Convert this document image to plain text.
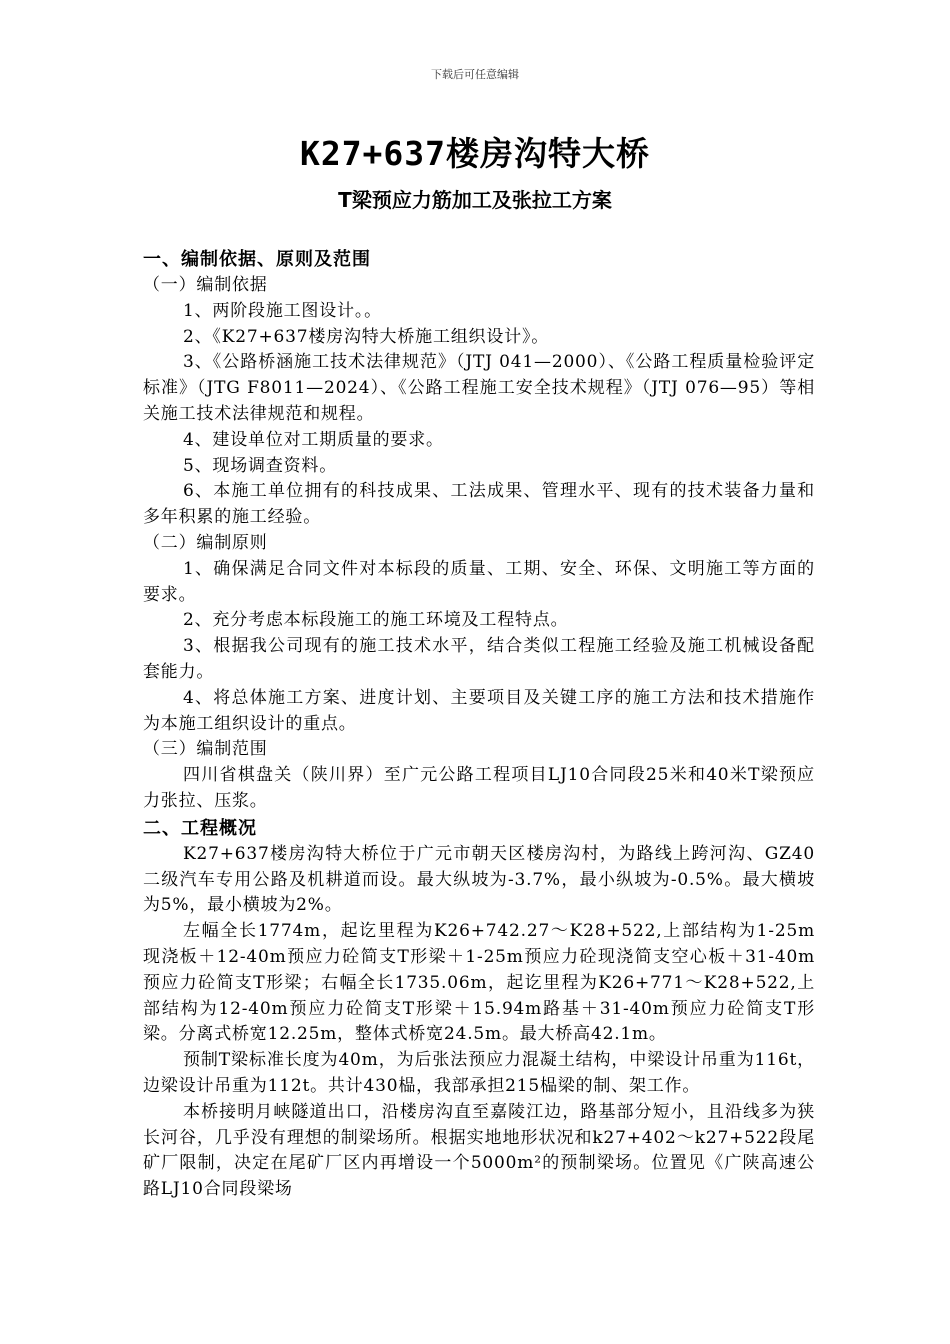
下载后可任意编辑
K27+637楼房沟特大桥
T梁预应力筋加工及张拉工方案

一、编制依据、原则及范围

（一）编制依据

1、两阶段施工图设计。。

2、《K27+637楼房沟特大桥施工组织设计》。

3、《公路桥涵施工技术法律规范》（JTJ 041—2000）、《公路工程质量检验评定标准》（JTG F8011—2024）、《公路工程施工安全技术规程》（JTJ 076—95）等相关施工技术法律规范和规程。

4、建设单位对工期质量的要求。

5、现场调查资料。

6、本施工单位拥有的科技成果、工法成果、管理水平、现有的技术装备力量和多年积累的施工经验。

（二）编制原则

1、确保满足合同文件对本标段的质量、工期、安全、环保、文明施工等方面的要求。

2、充分考虑本标段施工的施工环境及工程特点。

3、根据我公司现有的施工技术水平，结合类似工程施工经验及施工机械设备配套能力。

4、将总体施工方案、进度计划、主要项目及关键工序的施工方法和技术措施作为本施工组织设计的重点。

（三）编制范围

四川省棋盘关（陕川界）至广元公路工程项目LJ10合同段25米和40米T梁预应力张拉、压浆。

二、工程概况

K27+637楼房沟特大桥位于广元市朝天区楼房沟村，为路线上跨河沟、GZ40二级汽车专用公路及机耕道而设。最大纵坡为-3.7%，最小纵坡为-0.5%。最大横坡为5%，最小横坡为2%。

左幅全长1774m，起讫里程为K26+742.27～K28+522,上部结构为1-25m现浇板＋12-40m预应力砼简支T形梁＋1-25m预应力砼现浇简支空心板＋31-40m预应力砼简支T形梁；右幅全长1735.06m，起讫里程为K26+771～K28+522,上部结构为12-40m预应力砼简支T形梁＋15.94m路基＋31-40m预应力砼简支T形梁。分离式桥宽12.25m，整体式桥宽24.5m。最大桥高42.1m。

预制T梁标准长度为40m，为后张法预应力混凝土结构，中梁设计吊重为116t，边梁设计吊重为112t。共计430榀，我部承担215榀梁的制、架工作。

本桥接明月峡隧道出口，沿楼房沟直至嘉陵江边，路基部分短小，且沿线多为狭长河谷，几乎没有理想的制梁场所。根据实地地形状况和k27+402～k27+522段尾矿厂限制，决定在尾矿厂区内再增设一个5000m²的预制梁场。位置见《广陕高速公路LJ10合同段梁场
